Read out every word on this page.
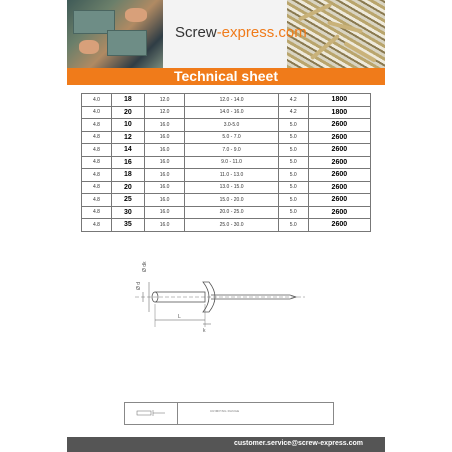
Screw-express.com
Technical sheet
4.0	18	12.0	12.0 - 14.0	4.2	1800
4.0	20	12.0	14.0 - 16.0	4.2	1800
4.8	10	16.0	3.0-5.0	5.0	2600
4.8	12	16.0	5.0 - 7.0	5.0	2600
4.8	14	16.0	7.0 - 9.0	5.0	2600
4.8	16	16.0	9.0 - 11.0	5.0	2600
4.8	18	16.0	11.0 - 13.0	5.0	2600
4.8	20	16.0	13.0 - 15.0	5.0	2600
4.8	25	16.0	15.0 - 20.0	5.0	2600
4.8	30	16.0	20.0 - 25.0	5.0	2600
4.8	35	16.0	25.0 - 30.0	5.0	2600
Ø dk
Ø d
L
k
CRIMPING RANGE
customer.service@screw-express.com
